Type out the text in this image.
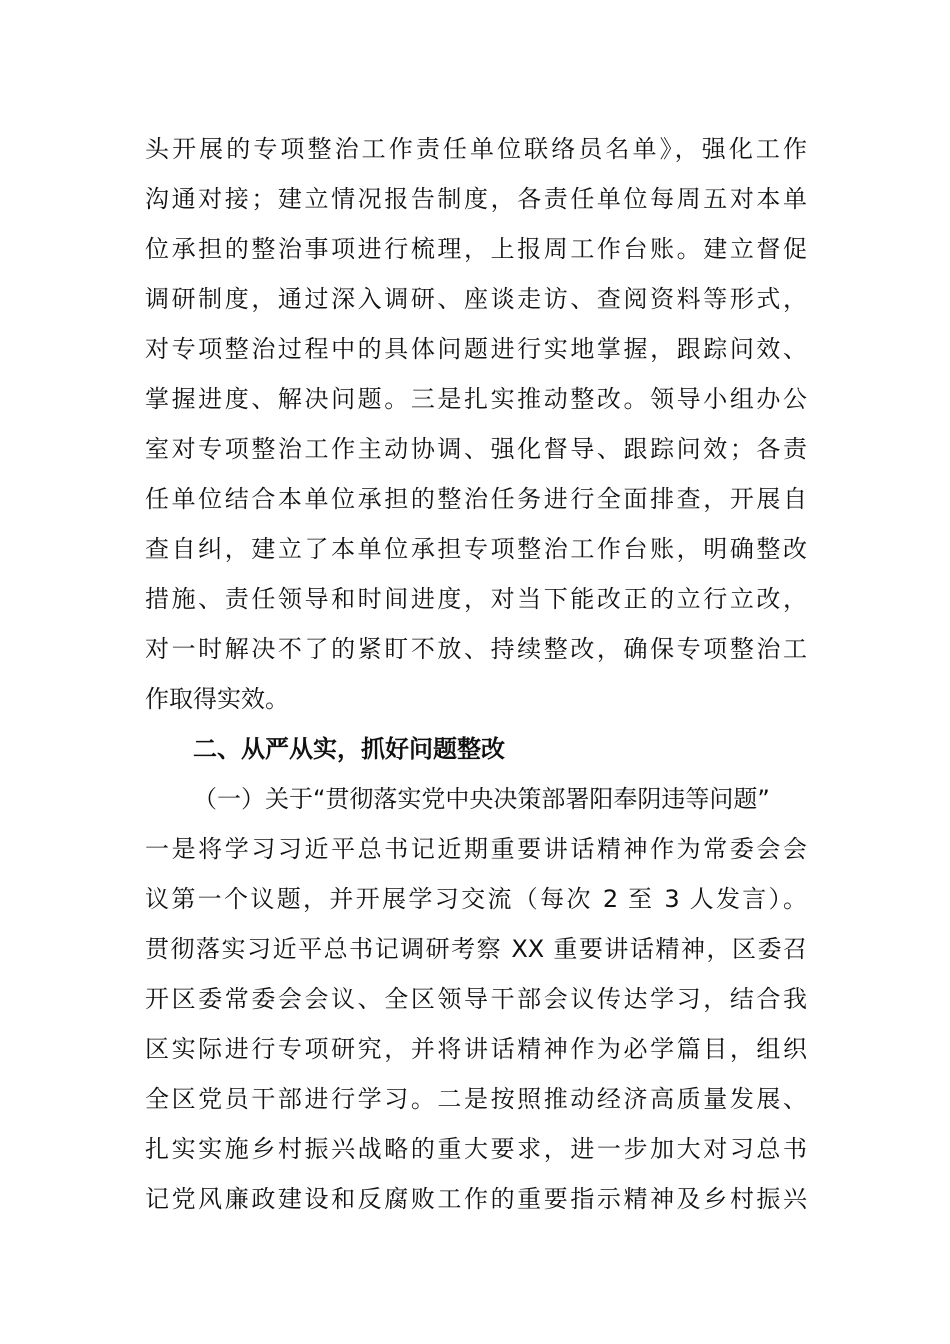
头开展的专项整治工作责任单位联络员名单》，强化工作
沟通对接；建立情况报告制度，各责任单位每周五对本单
位承担的整治事项进行梳理，上报周工作台账。建立督促
调研制度，通过深入调研、座谈走访、查阅资料等形式，
对专项整治过程中的具体问题进行实地掌握，跟踪问效、
掌握进度、解决问题。三是扎实推动整改。领导小组办公
室对专项整治工作主动协调、强化督导、跟踪问效；各责
任单位结合本单位承担的整治任务进行全面排查，开展自
查自纠，建立了本单位承担专项整治工作台账，明确整改
措施、责任领导和时间进度，对当下能改正的立行立改，
对一时解决不了的紧盯不放、持续整改，确保专项整治工
作取得实效。
二、从严从实，抓好问题整改
（一）关于“贯彻落实党中央决策部署阳奉阴违等问题”
一是将学习习近平总书记近期重要讲话精神作为常委会会
议第一个议题，并开展学习交流（每次 2 至 3 人发言）。
贯彻落实习近平总书记调研考察 XX 重要讲话精神，区委召
开区委常委会会议、全区领导干部会议传达学习，结合我
区实际进行专项研究，并将讲话精神作为必学篇目，组织
全区党员干部进行学习。二是按照推动经济高质量发展、
扎实实施乡村振兴战略的重大要求，进一步加大对习总书
记党风廉政建设和反腐败工作的重要指示精神及乡村振兴
